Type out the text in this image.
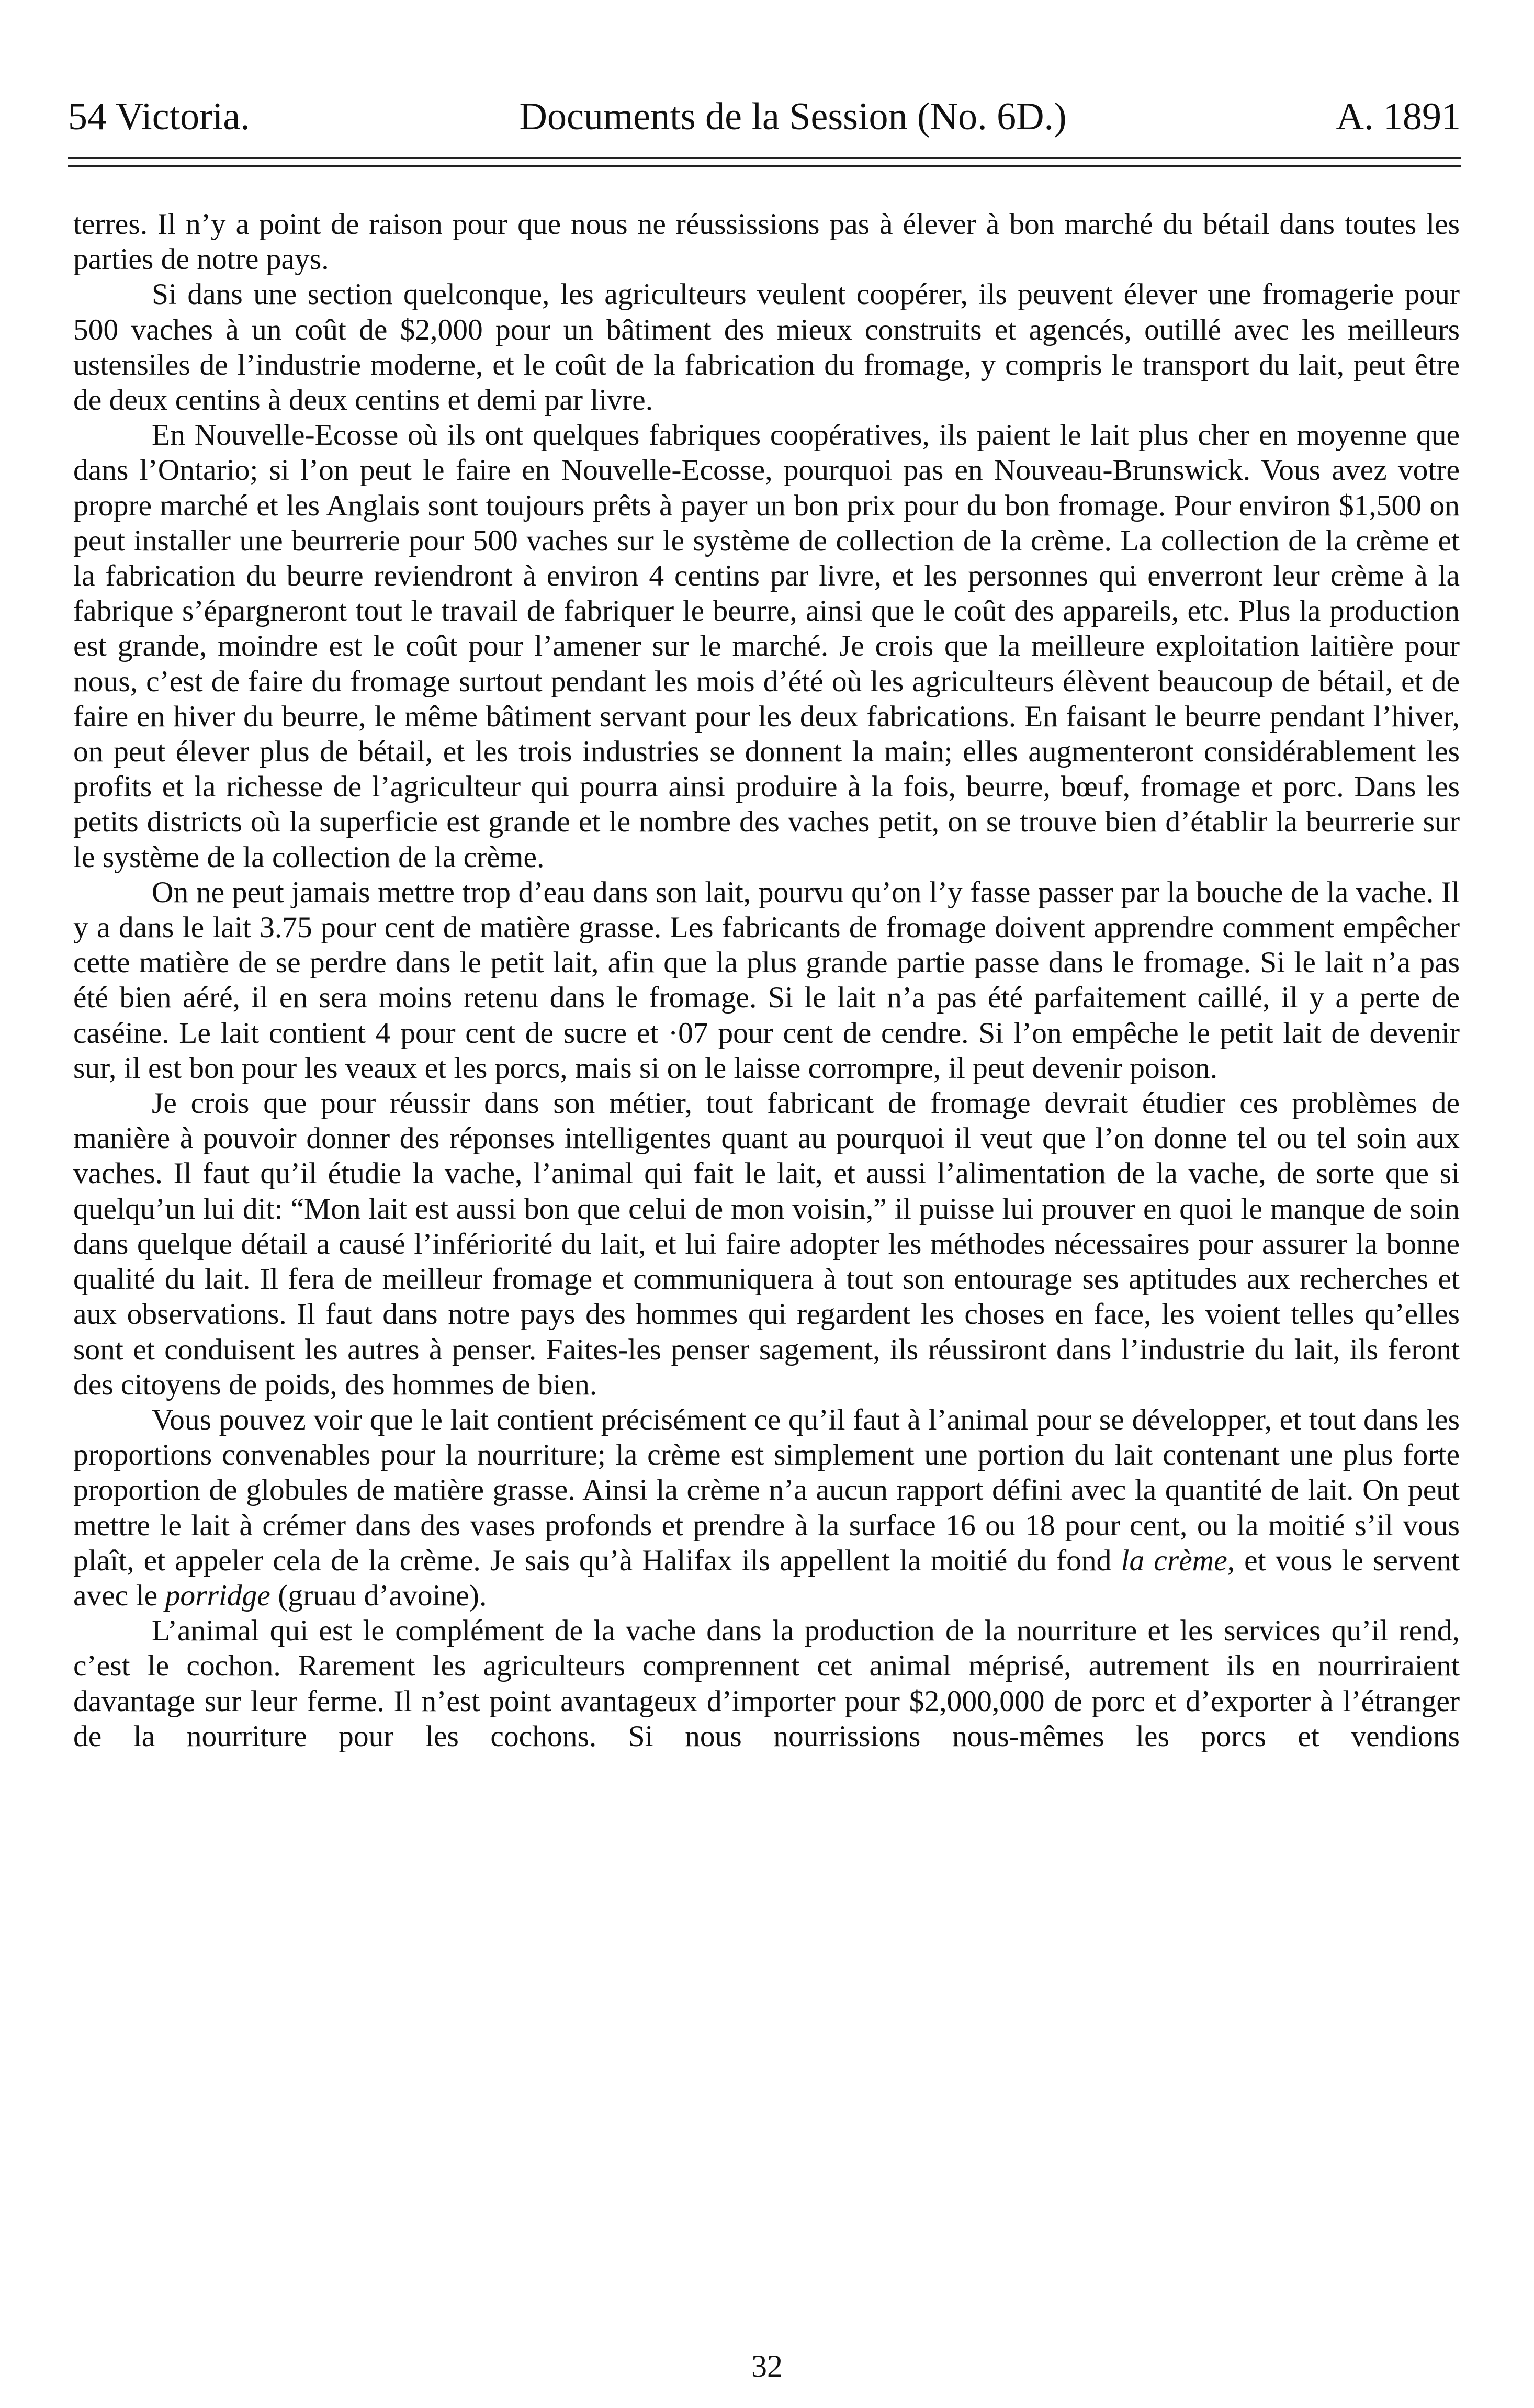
54 Victoria.	Documents de la Session (No. 6D.)	A. 1891

terres. Il n’y a point de raison pour que nous ne réussissions pas à élever à bon marché du bétail dans toutes les parties de notre pays.

Si dans une section quelconque, les agriculteurs veulent coopérer, ils peuvent élever une fromagerie pour 500 vaches à un coût de $2,000 pour un bâtiment des mieux construits et agencés, outillé avec les meilleurs ustensiles de l’industrie moderne, et le coût de la fabrication du fromage, y compris le transport du lait, peut être de deux centins à deux centins et demi par livre.

En Nouvelle-Ecosse où ils ont quelques fabriques coopératives, ils paient le lait plus cher en moyenne que dans l’Ontario; si l’on peut le faire en Nouvelle-Ecosse, pourquoi pas en Nouveau-Brunswick. Vous avez votre propre marché et les Anglais sont toujours prêts à payer un bon prix pour du bon fromage. Pour environ $1,500 on peut installer une beurrerie pour 500 vaches sur le système de collection de la crème. La collection de la crème et la fabrication du beurre reviendront à environ 4 centins par livre, et les personnes qui enverront leur crème à la fabrique s’épargneront tout le travail de fabriquer le beurre, ainsi que le coût des appareils, etc. Plus la production est grande, moindre est le coût pour l’amener sur le marché. Je crois que la meilleure exploitation laitière pour nous, c’est de faire du fromage surtout pendant les mois d’été où les agriculteurs élèvent beaucoup de bétail, et de faire en hiver du beurre, le même bâtiment servant pour les deux fabrications. En faisant le beurre pendant l’hiver, on peut élever plus de bétail, et les trois industries se donnent la main; elles augmenteront considérablement les profits et la richesse de l’agriculteur qui pourra ainsi produire à la fois, beurre, bœuf, fromage et porc. Dans les petits districts où la superficie est grande et le nombre des vaches petit, on se trouve bien d’établir la beurrerie sur le système de la collection de la crème.

On ne peut jamais mettre trop d’eau dans son lait, pourvu qu’on l’y fasse passer par la bouche de la vache. Il y a dans le lait 3.75 pour cent de matière grasse. Les fabricants de fromage doivent apprendre comment empêcher cette matière de se perdre dans le petit lait, afin que la plus grande partie passe dans le fromage. Si le lait n’a pas été bien aéré, il en sera moins retenu dans le fromage. Si le lait n’a pas été parfaitement caillé, il y a perte de caséine. Le lait contient 4 pour cent de sucre et ·07 pour cent de cendre. Si l’on empêche le petit lait de devenir sur, il est bon pour les veaux et les porcs, mais si on le laisse corrompre, il peut devenir poison.

Je crois que pour réussir dans son métier, tout fabricant de fromage devrait étudier ces problèmes de manière à pouvoir donner des réponses intelligentes quant au pourquoi il veut que l’on donne tel ou tel soin aux vaches. Il faut qu’il étudie la vache, l’animal qui fait le lait, et aussi l’alimentation de la vache, de sorte que si quelqu’un lui dit: “Mon lait est aussi bon que celui de mon voisin,” il puisse lui prouver en quoi le manque de soin dans quelque détail a causé l’infériorité du lait, et lui faire adopter les méthodes nécessaires pour assurer la bonne qualité du lait. Il fera de meilleur fromage et communiquera à tout son entourage ses aptitudes aux recherches et aux observations. Il faut dans notre pays des hommes qui regardent les choses en face, les voient telles qu’elles sont et conduisent les autres à penser. Faites-les penser sagement, ils réussiront dans l’industrie du lait, ils feront des citoyens de poids, des hommes de bien.

Vous pouvez voir que le lait contient précisément ce qu’il faut à l’animal pour se développer, et tout dans les proportions convenables pour la nourriture; la crème est simplement une portion du lait contenant une plus forte proportion de globules de matière grasse. Ainsi la crème n’a aucun rapport défini avec la quantité de lait. On peut mettre le lait à crémer dans des vases profonds et prendre à la surface 16 ou 18 pour cent, ou la moitié s’il vous plaît, et appeler cela de la crème. Je sais qu’à Halifax ils appellent la moitié du fond la crème, et vous le servent avec le porridge (gruau d’avoine).

L’animal qui est le complément de la vache dans la production de la nourriture et les services qu’il rend, c’est le cochon. Rarement les agriculteurs comprennent cet animal méprisé, autrement ils en nourriraient davantage sur leur ferme. Il n’est point avantageux d’importer pour $2,000,000 de porc et d’exporter à l’étranger de la nourriture pour les cochons. Si nous nourrissions nous-mêmes les porcs et vendions

32
